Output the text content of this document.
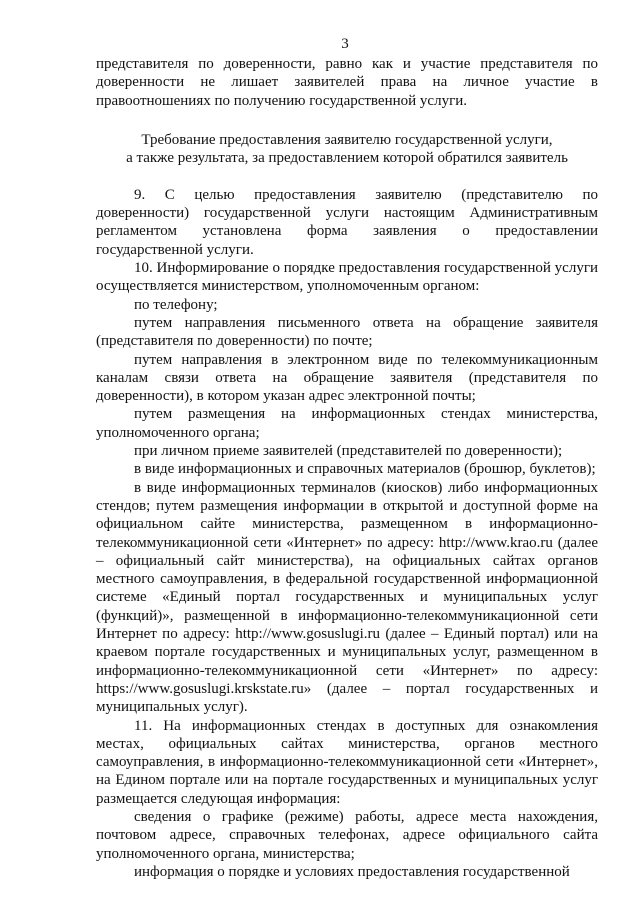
3

представителя по доверенности, равно как и участие представителя по доверенности не лишает заявителей права на личное участие в правоотношениях по получению государственной услуги.

Требование предоставления заявителю государственной услуги,
а также результата, за предоставлением которой обратился заявитель

9. С целью предоставления заявителю (представителю по доверенности) государственной услуги настоящим Административным регламентом установлена форма заявления о предоставлении государственной услуги.

10. Информирование о порядке предоставления государственной услуги осуществляется министерством, уполномоченным органом:

по телефону;

путем направления письменного ответа на обращение заявителя (представителя по доверенности) по почте;

путем направления в электронном виде по телекоммуникационным каналам связи ответа на обращение заявителя (представителя по доверенности), в котором указан адрес электронной почты;

путем размещения на информационных стендах министерства, уполномоченного органа;

при личном приеме заявителей (представителей по доверенности);

в виде информационных и справочных материалов (брошюр, буклетов);

в виде информационных терминалов (киосков) либо информационных стендов; путем размещения информации в открытой и доступной форме на официальном сайте министерства, размещенном в информационно-телекоммуникационной сети «Интернет» по адресу: http://www.krao.ru (далее – официальный сайт министерства), на официальных сайтах органов местного самоуправления, в федеральной государственной информационной системе «Единый портал государственных и муниципальных услуг (функций)», размещенной в информационно-телекоммуникационной сети Интернет по адресу: http://www.gosuslugi.ru (далее – Единый портал) или на краевом портале государственных и муниципальных услуг, размещенном в информационно-телекоммуникационной сети «Интернет» по адресу: https://www.gosuslugi.krskstate.ru» (далее – портал государственных и муниципальных услуг).

11. На информационных стендах в доступных для ознакомления местах, официальных сайтах министерства, органов местного самоуправления, в информационно-телекоммуникационной сети «Интернет», на Едином портале или на портале государственных и муниципальных услуг размещается следующая информация:

сведения о графике (режиме) работы, адресе места нахождения, почтовом адресе, справочных телефонах, адресе официального сайта уполномоченного органа, министерства;

информация о порядке и условиях предоставления государственной
